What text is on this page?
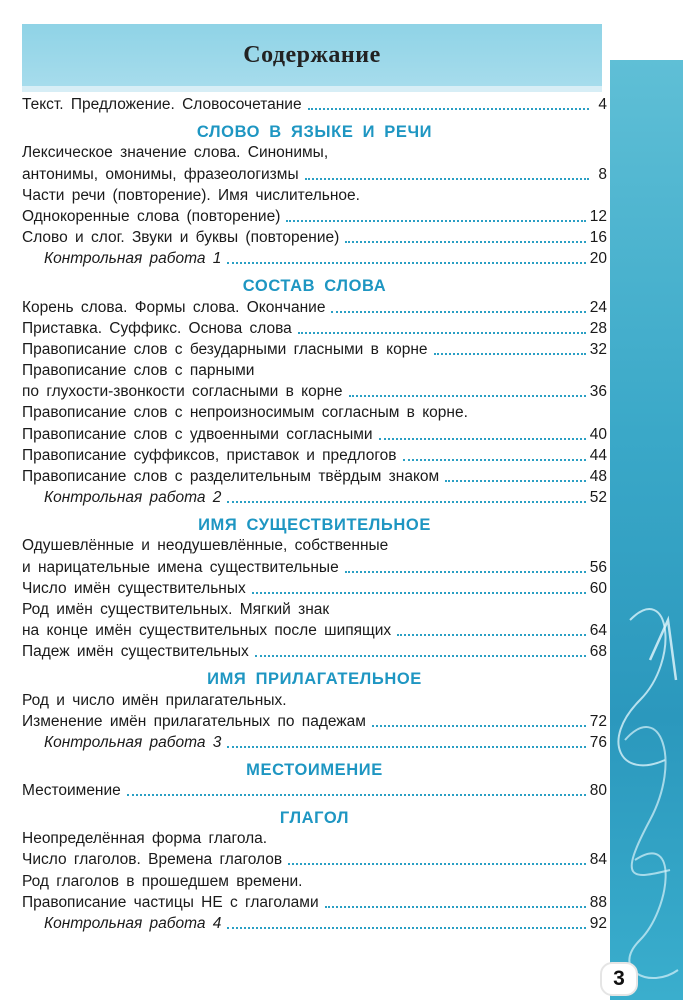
Содержание
Текст. Предложение. Словосочетание	4
СЛОВО В ЯЗЫКЕ И РЕЧИ
Лексическое значение слова. Синонимы,
антонимы, омонимы, фразеологизмы	8
Части речи (повторение). Имя числительное.
Однокоренные слова (повторение)	12
Слово и слог. Звуки и буквы (повторение)	16
Контрольная работа 1	20
СОСТАВ СЛОВА
Корень слова. Формы слова. Окончание	24
Приставка. Суффикс. Основа слова	28
Правописание слов с безударными гласными в корне	32
Правописание слов с парными
по глухости-звонкости согласными в корне	36
Правописание слов с непроизносимым согласным в корне.
Правописание слов с удвоенными согласными	40
Правописание суффиксов, приставок и предлогов	44
Правописание слов с разделительным твёрдым знаком	48
Контрольная работа 2	52
ИМЯ СУЩЕСТВИТЕЛЬНОЕ
Одушевлённые и неодушевлённые, собственные
и нарицательные имена существительные	56
Число имён существительных	60
Род имён существительных. Мягкий знак
на конце имён существительных после шипящих	64
Падеж имён существительных	68
ИМЯ ПРИЛАГАТЕЛЬНОЕ
Род и число имён прилагательных.
Изменение имён прилагательных по падежам	72
Контрольная работа 3	76
МЕСТОИМЕНИЕ
Местоимение	80
ГЛАГОЛ
Неопределённая форма глагола.
Число глаголов. Времена глаголов	84
Род глаголов в прошедшем времени.
Правописание частицы НЕ с глаголами	88
Контрольная работа 4	92
3
